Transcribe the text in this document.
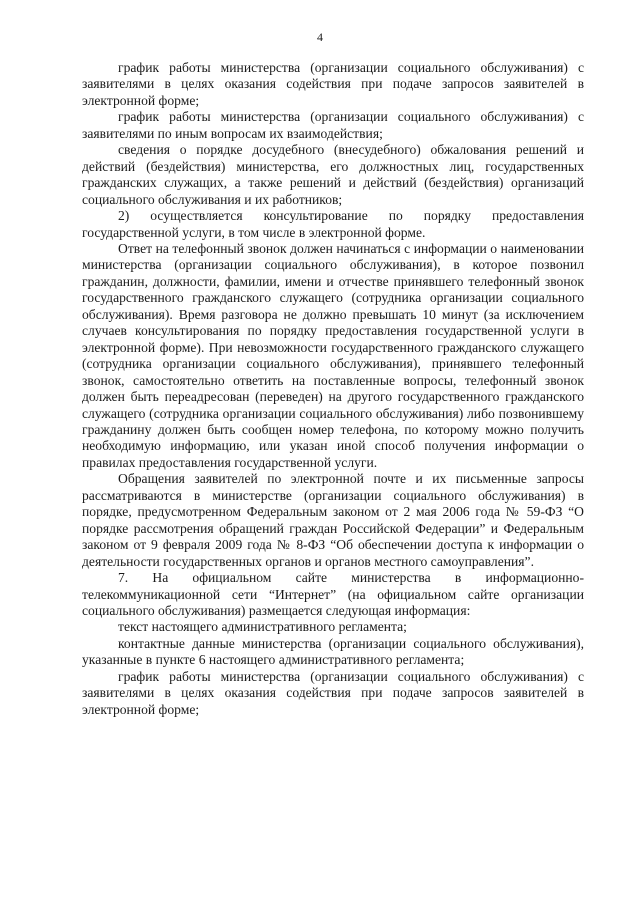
4

график работы министерства (организации социального обслуживания) с заявителями в целях оказания содействия при подаче запросов заявителей в электронной форме;

график работы министерства (организации социального обслуживания) с заявителями по иным вопросам их взаимодействия;

сведения о порядке досудебного (внесудебного) обжалования решений и действий (бездействия) министерства, его должностных лиц, государственных гражданских служащих, а также решений и действий (бездействия) организаций социального обслуживания и их работников;

2) осуществляется консультирование по порядку предоставления государственной услуги, в том числе в электронной форме.

Ответ на телефонный звонок должен начинаться с информации о наименовании министерства (организации социального обслуживания), в которое позвонил гражданин, должности, фамилии, имени и отчестве принявшего телефонный звонок государственного гражданского служащего (сотрудника организации социального обслуживания). Время разговора не должно превышать 10 минут (за исключением случаев консультирования по порядку предоставления государственной услуги в электронной форме). При невозможности государственного гражданского служащего (сотрудника организации социального обслуживания), принявшего телефонный звонок, самостоятельно ответить на поставленные вопросы, телефонный звонок должен быть переадресован (переведен) на другого государственного гражданского служащего (сотрудника организации социального обслуживания) либо позвонившему гражданину должен быть сообщен номер телефона, по которому можно получить необходимую информацию, или указан иной способ получения информации о правилах предоставления государственной услуги.

Обращения заявителей по электронной почте и их письменные запросы рассматриваются в министерстве (организации социального обслуживания) в порядке, предусмотренном Федеральным законом от 2 мая 2006 года № 59-ФЗ “О порядке рассмотрения обращений граждан Российской Федерации” и Федеральным законом от 9 февраля 2009 года № 8-ФЗ “Об обеспечении доступа к информации о деятельности государственных органов и органов местного самоуправления”.

7. На официальном сайте министерства в информационно-телекоммуникационной сети “Интернет” (на официальном сайте организации социального обслуживания) размещается следующая информация:

текст настоящего административного регламента;

контактные данные министерства (организации социального обслуживания), указанные в пункте 6 настоящего административного регламента;

график работы министерства (организации социального обслуживания) с заявителями в целях оказания содействия при подаче запросов заявителей в электронной форме;
